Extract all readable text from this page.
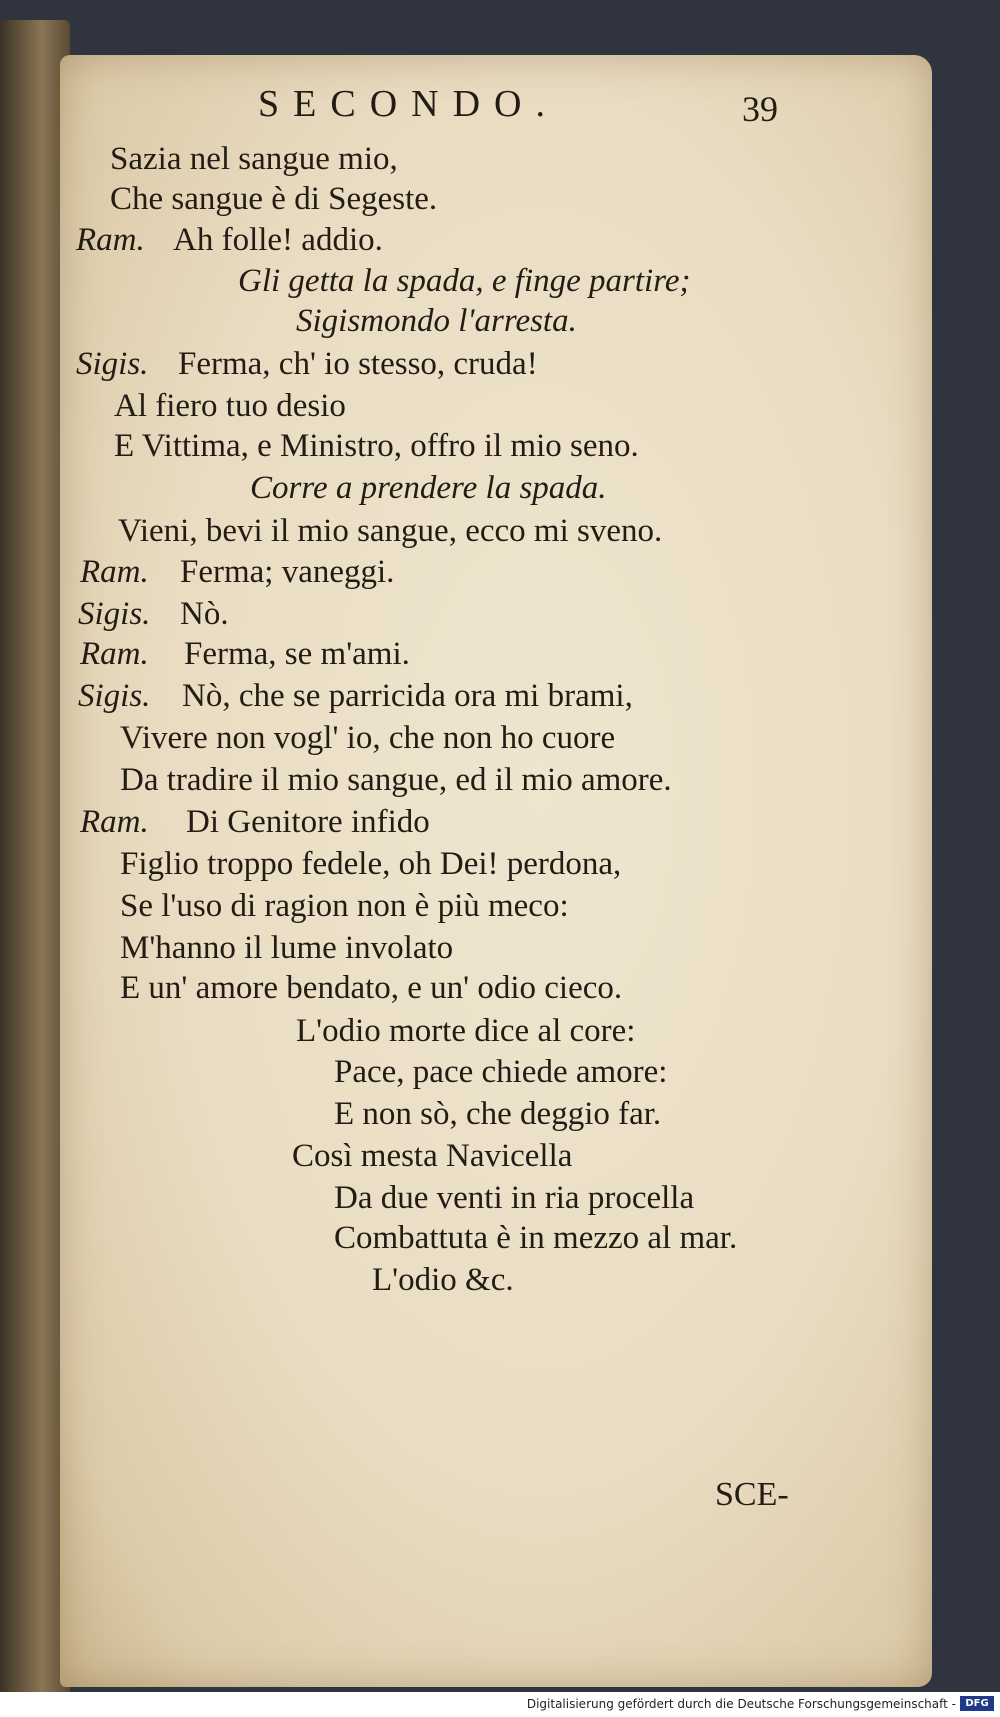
SECONDO.	39
Sazia nel sangue mio,
Che sangue è di Segeste.
Ram. Ah folle! addio.
Gli getta la spada, e finge partire;
Sigismondo l'arresta.
Sigis. Ferma, ch' io stesso, cruda!
Al fiero tuo desio
E Vittima, e Ministro, offro il mio seno.
Corre a prendere la spada.
Vieni, bevi il mio sangue, ecco mi sveno.
Ram. Ferma; vaneggi.
Sigis. Nò.
Ram. Ferma, se m'ami.
Sigis. Nò, che se parricida ora mi brami,
Vivere non vogl' io, che non ho cuore
Da tradire il mio sangue, ed il mio amore.
Ram. Di Genitore infido
Figlio troppo fedele, oh Dei! perdona,
Se l'uso di ragion non è più meco:
M'hanno il lume involato
E un' amore bendato, e un' odio cieco.
L'odio morte dice al core:
Pace, pace chiede amore:
E non sò, che deggio far.
Così mesta Navicella
Da due venti in ria procella
Combattuta è in mezzo al mar.
L'odio &c.
SCE-
Digitalisierung gefördert durch die Deutsche Forschungsgemeinschaft - DFG
